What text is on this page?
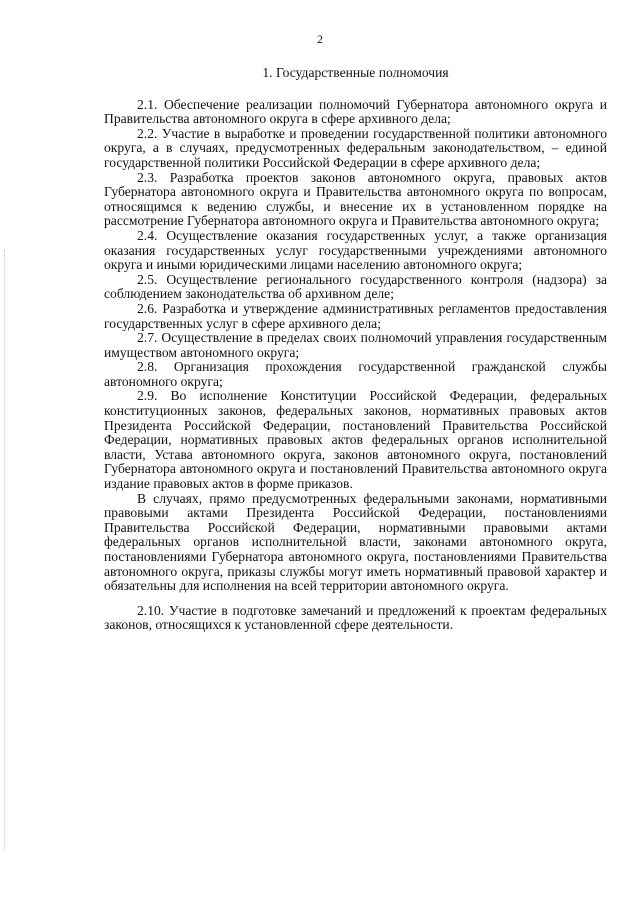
2
1. Государственные полномочия

2.1. Обеспечение реализации полномочий Губернатора автономного округа и Правительства автономного округа в сфере архивного дела;

2.2. Участие в выработке и проведении государственной политики автономного округа, а в случаях, предусмотренных федеральным законодательством, – единой государственной политики Российской Федерации в сфере архивного дела;

2.3. Разработка проектов законов автономного округа, правовых актов Губернатора автономного округа и Правительства автономного округа по вопросам, относящимся к ведению службы, и внесение их в установленном порядке на рассмотрение Губернатора автономного округа и Правительства автономного округа;

2.4. Осуществление оказания государственных услуг, а также организация оказания государственных услуг государственными учреждениями автономного округа и иными юридическими лицами населению автономного округа;

2.5. Осуществление регионального государственного контроля (надзора) за соблюдением законодательства об архивном деле;

2.6. Разработка и утверждение административных регламентов предоставления государственных услуг в сфере архивного дела;

2.7. Осуществление в пределах своих полномочий управления государственным имуществом автономного округа;

2.8. Организация прохождения государственной гражданской службы автономного округа;

2.9. Во исполнение Конституции Российской Федерации, федеральных конституционных законов, федеральных законов, нормативных правовых актов Президента Российской Федерации, постановлений Правительства Российской Федерации, нормативных правовых актов федеральных органов исполнительной власти, Устава автономного округа, законов автономного округа, постановлений Губернатора автономного округа и постановлений Правительства автономного округа издание правовых актов в форме приказов.

В случаях, прямо предусмотренных федеральными законами, нормативными правовыми актами Президента Российской Федерации, постановлениями Правительства Российской Федерации, нормативными правовыми актами федеральных органов исполнительной власти, законами автономного округа, постановлениями Губернатора автономного округа, постановлениями Правительства автономного округа, приказы службы могут иметь нормативный правовой характер и обязательны для исполнения на всей территории автономного округа.

2.10. Участие в подготовке замечаний и предложений к проектам федеральных законов, относящихся к установленной сфере деятельности.
